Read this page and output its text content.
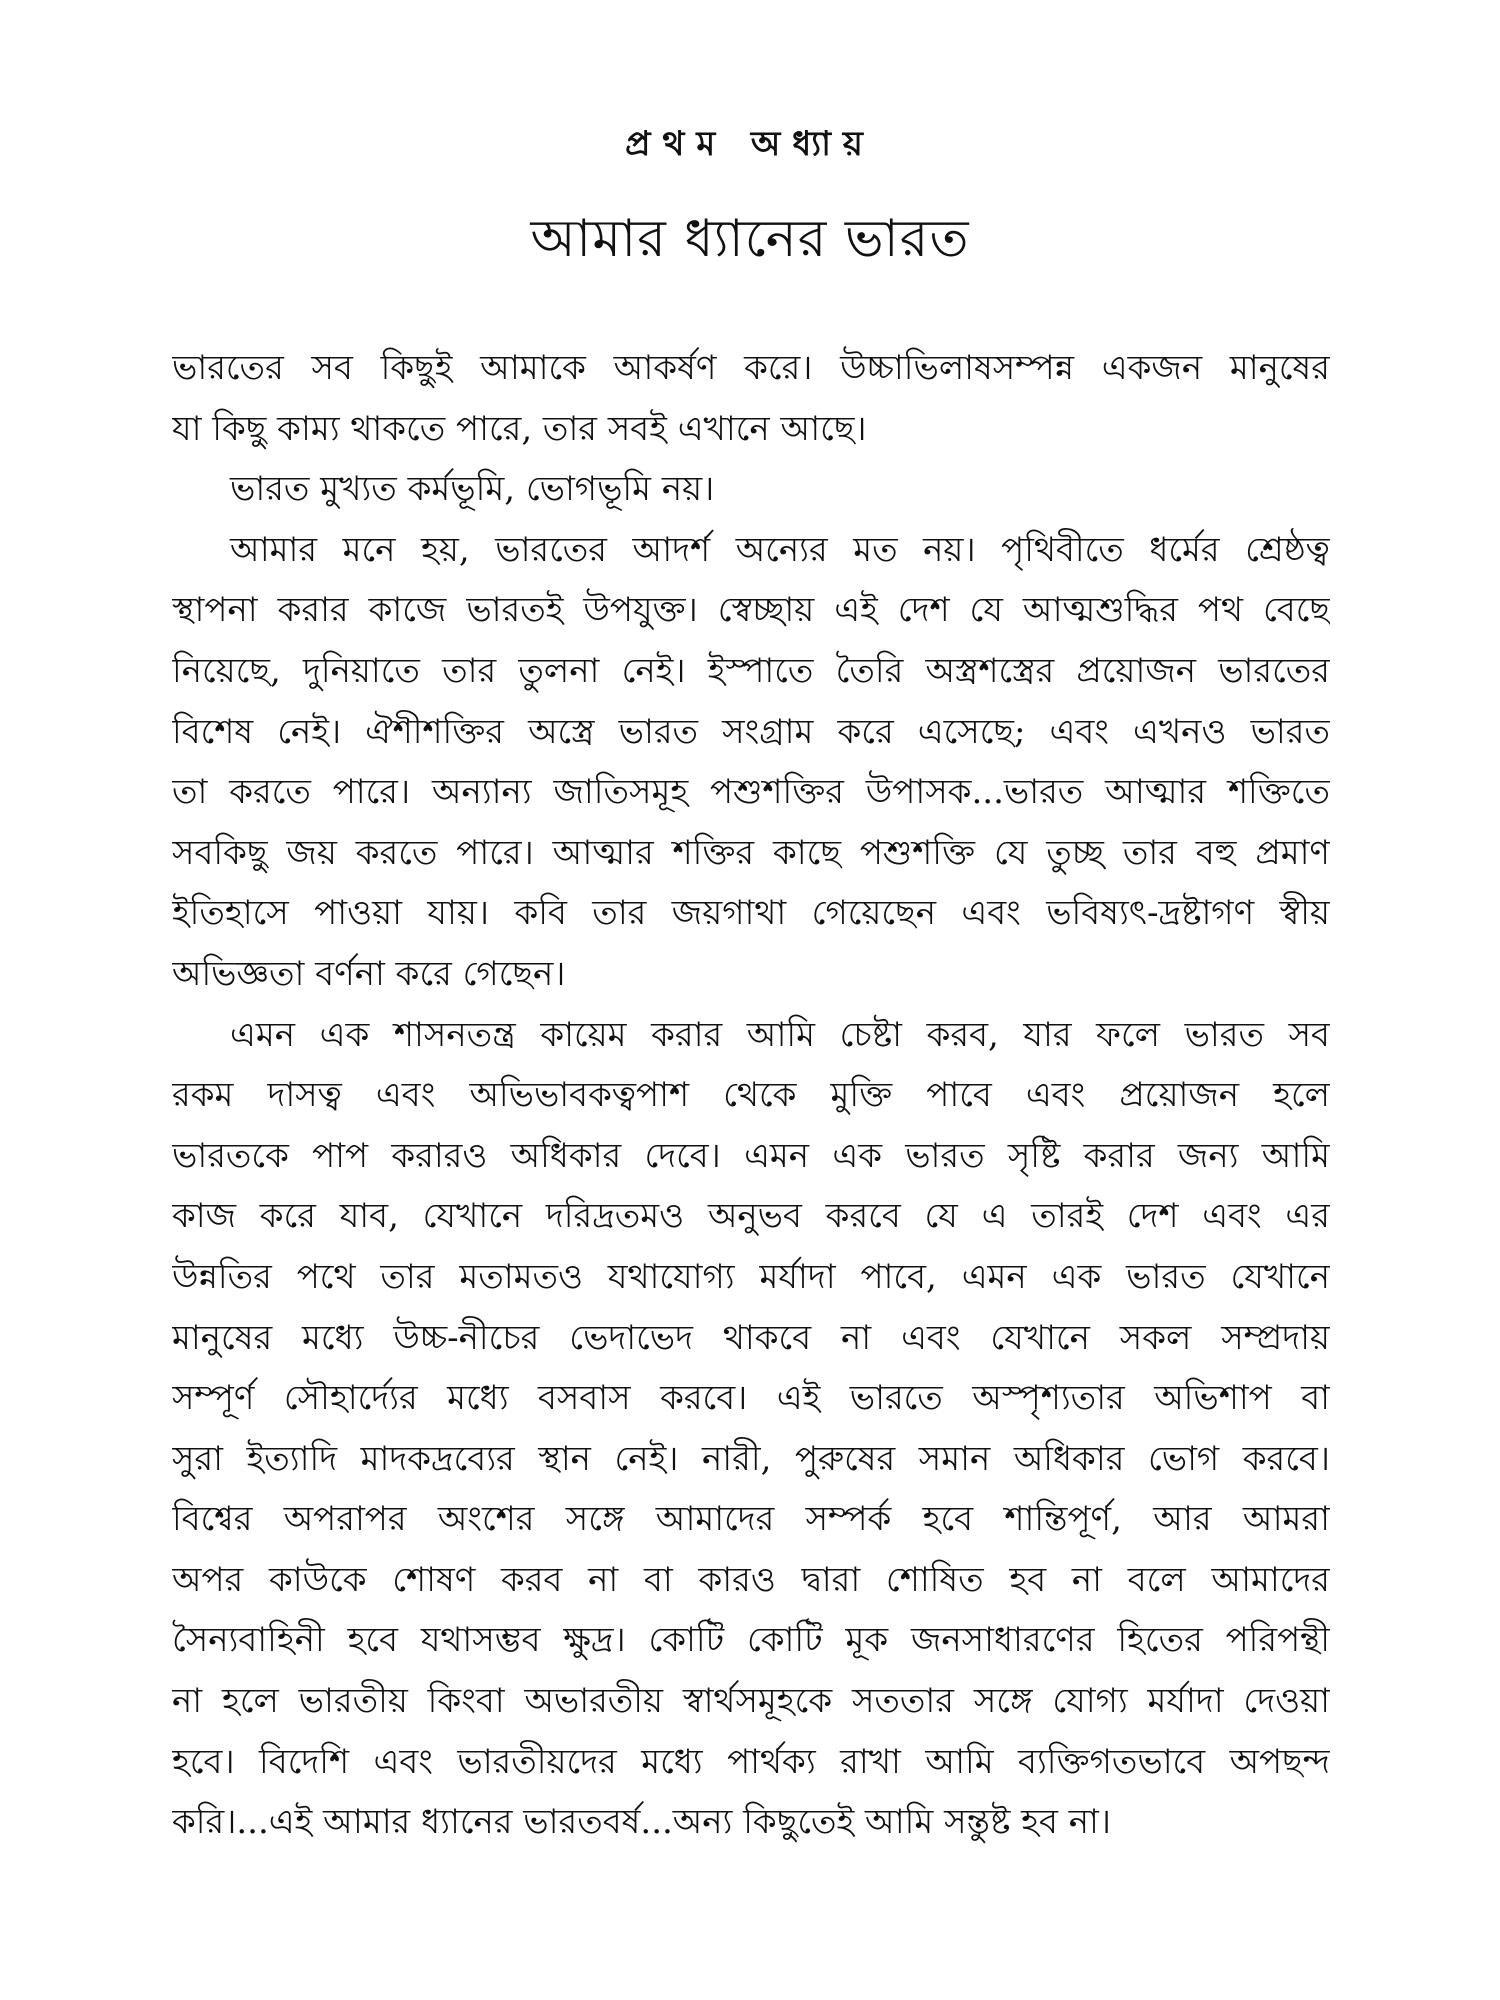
প্রথম অধ্যায়
আমার ধ্যানের ভারত
ভারতের সব কিছুই আমাকে আকর্ষণ করে। উচ্চাভিলাষসম্পন্ন একজন মানুষের
যা কিছু কাম্য থাকতে পারে, তার সবই এখানে আছে।
ভারত মুখ্যত কর্মভূমি, ভোগভূমি নয়।
আমার মনে হয়, ভারতের আদর্শ অন্যের মত নয়। পৃথিবীতে ধর্মের শ্রেষ্ঠত্ব
স্থাপনা করার কাজে ভারতই উপযুক্ত। স্বেচ্ছায় এই দেশ যে আত্মশুদ্ধির পথ বেছে
নিয়েছে, দুনিয়াতে তার তুলনা নেই। ইস্পাতে তৈরি অস্ত্রশস্ত্রের প্রয়োজন ভারতের
বিশেষ নেই। ঐশীশক্তির অস্ত্রে ভারত সংগ্রাম করে এসেছে; এবং এখনও ভারত
তা করতে পারে। অন্যান্য জাতিসমূহ পশুশক্তির উপাসক...ভারত আত্মার শক্তিতে
সবকিছু জয় করতে পারে। আত্মার শক্তির কাছে পশুশক্তি যে তুচ্ছ তার বহু প্রমাণ
ইতিহাসে পাওয়া যায়। কবি তার জয়গাথা গেয়েছেন এবং ভবিষ্যৎ-দ্রষ্টাগণ স্বীয়
অভিজ্ঞতা বর্ণনা করে গেছেন।
এমন এক শাসনতন্ত্র কায়েম করার আমি চেষ্টা করব, যার ফলে ভারত সব
রকম দাসত্ব এবং অভিভাবকত্বপাশ থেকে মুক্তি পাবে এবং প্রয়োজন হলে
ভারতকে পাপ করারও অধিকার দেবে। এমন এক ভারত সৃষ্টি করার জন্য আমি
কাজ করে যাব, যেখানে দরিদ্রতমও অনুভব করবে যে এ তারই দেশ এবং এর
উন্নতির পথে তার মতামতও যথাযোগ্য মর্যাদা পাবে, এমন এক ভারত যেখানে
মানুষের মধ্যে উচ্চ-নীচের ভেদাভেদ থাকবে না এবং যেখানে সকল সম্প্রদায়
সম্পূর্ণ সৌহার্দ্যের মধ্যে বসবাস করবে। এই ভারতে অস্পৃশ্যতার অভিশাপ বা
সুরা ইত্যাদি মাদকদ্রব্যের স্থান নেই। নারী, পুরুষের সমান অধিকার ভোগ করবে।
বিশ্বের অপরাপর অংশের সঙ্গে আমাদের সম্পর্ক হবে শান্তিপূর্ণ, আর আমরা
অপর কাউকে শোষণ করব না বা কারও দ্বারা শোষিত হব না বলে আমাদের
সৈন্যবাহিনী হবে যথাসম্ভব ক্ষুদ্র। কোটি কোটি মূক জনসাধারণের হিতের পরিপন্থী
না হলে ভারতীয় কিংবা অভারতীয় স্বার্থসমূহকে সততার সঙ্গে যোগ্য মর্যাদা দেওয়া
হবে। বিদেশি এবং ভারতীয়দের মধ্যে পার্থক্য রাখা আমি ব্যক্তিগতভাবে অপছন্দ
করি।...এই আমার ধ্যানের ভারতবর্ষ...অন্য কিছুতেই আমি সন্তুষ্ট হব না।
